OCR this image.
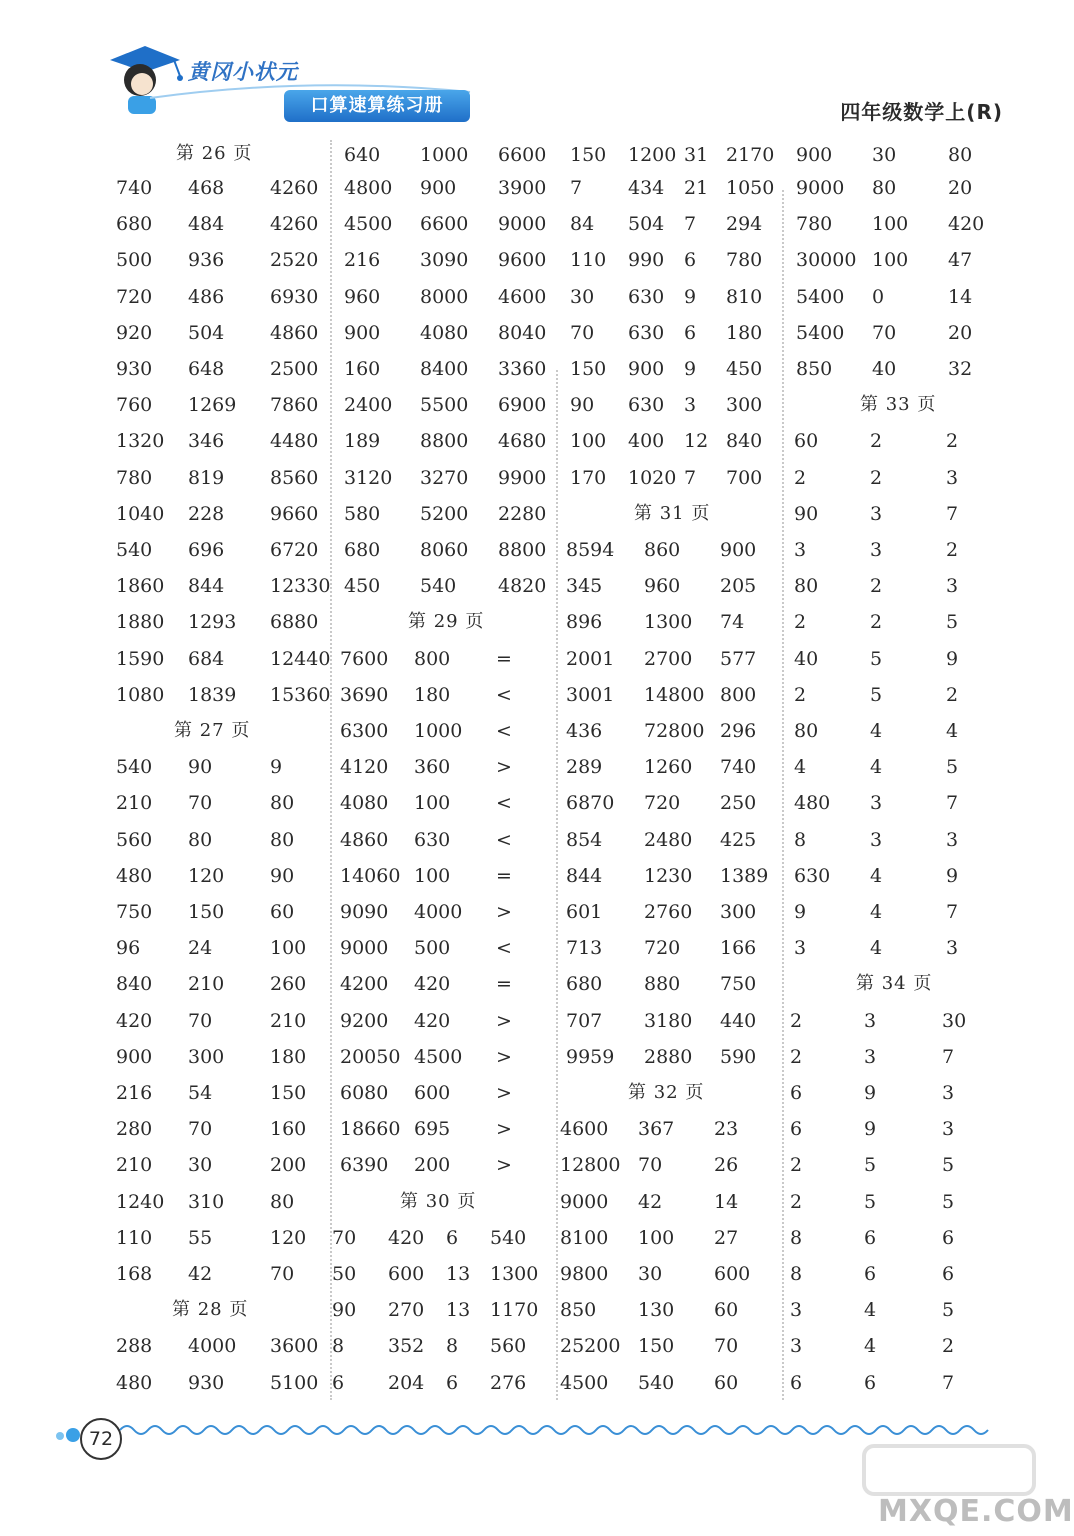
黄冈小状元
口算速算练习册	四年级数学上(R)
第 26 页
740 468 4260
680 484 4260
500 936 2520
720 486 6930
920 504 4860
930 648 2500
760 1269 7860
1320 346 4480
780 819 8560
1040 228 9660
540 696 6720
1860 844 12330
1880 1293 6880
1590 684 12440
1080 1839 15360
540 90	9
210 70	80
560 80	80
480 120 90
750 150 60
96	24	100
840 210 260
420 70	210
900 300 180
216 54	150
280 70	160
210 30	200
1240 310 80
110 55	120
168 42	70
288 4000 3600
480 930 5100
第 27 页
第 28 页
640 1000 6600
4800 900 3900
4500 6600 9000
216 3090 9600
960 8000 4600
900 4080 8040
160 8400 3360
2400 5500 6900
189 8800 4680
3120 3270 9900
580 5200 2280
680 8060 8800
450 540 4820
第 29 页
7600 800 =
3690 180 <
6300 1000 <
4120 360 >
4080 100 <
4860 630 <
14060 100 =
9090 4000 >
9000 500 <
4200 420 =
9200 420 >
20050 4500 >
6080 600 >
18660 695 >
6390 200 >
第 30 页
70 420 6 540
50 600 13 1300
90 270 13 1170
8 352 8 560
6 204 6 276
150 1200 31 2170
7 434 21 1050
84 504 7 294
110 990 6 780
30 630 9 810
70 630 6 180
150 900 9 450
90 630 3 300
100 400 12 840
170 1020 7 700
第 31 页
8594 860 900
345 960 205
896 1300 74
2001 2700 577
3001 14800 800
436 72800 296
289 1260 740
6870 720 250
854 2480 425
844 1230 1389
601 2760 300
713 720 166
680 880 750
707 3180 440
9959 2880 590
第 32 页
4600 367 23
12800 70	26
9000 42	14
8100 100 27
9800 30	600
850 130 60
25200 150 70
4500 540 60
900 30	80
9000 80	20
780 100 420
30000 100 47
5400 0	14
5400 70	20
850 40	32
第 33 页
60	2	2
2	2	3
90	3	7
3	3	2
80	2	3
2	2	5
40	5	9
2	5	2
80	4	4
4	4	5
480 3	7
8	3	3
630 4	9
9	4	7
3	4	3
第 34 页
2	3	30
2	3	7
6	9	3
6	9	3
2	5	5
2	5	5
8	6	6
8	6	6
3	4	5
3	4	2
6	6	7
72
MXQE.COM
